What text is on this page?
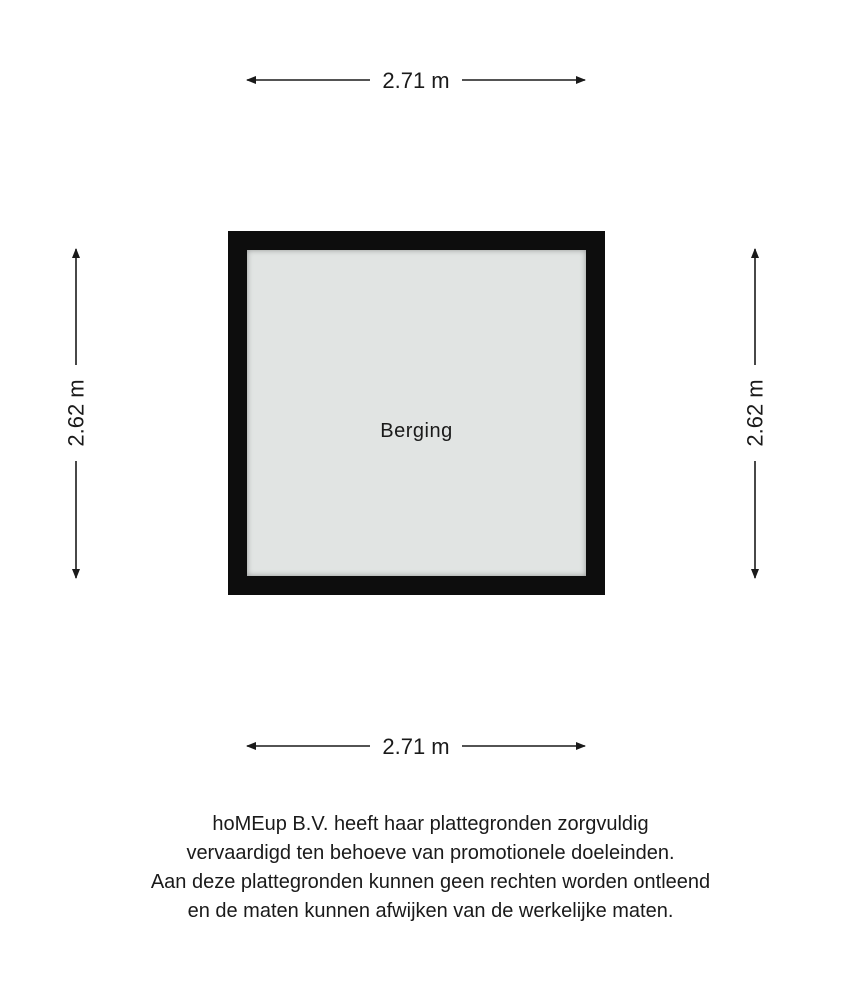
2.71 m
2.71 m
2.62 m	2.62 m
Berging
hoMEup B.V. heeft haar plattegronden zorgvuldig
vervaardigd ten behoeve van promotionele doeleinden.
Aan deze plattegronden kunnen geen rechten worden ontleend
en de maten kunnen afwijken van de werkelijke maten.
